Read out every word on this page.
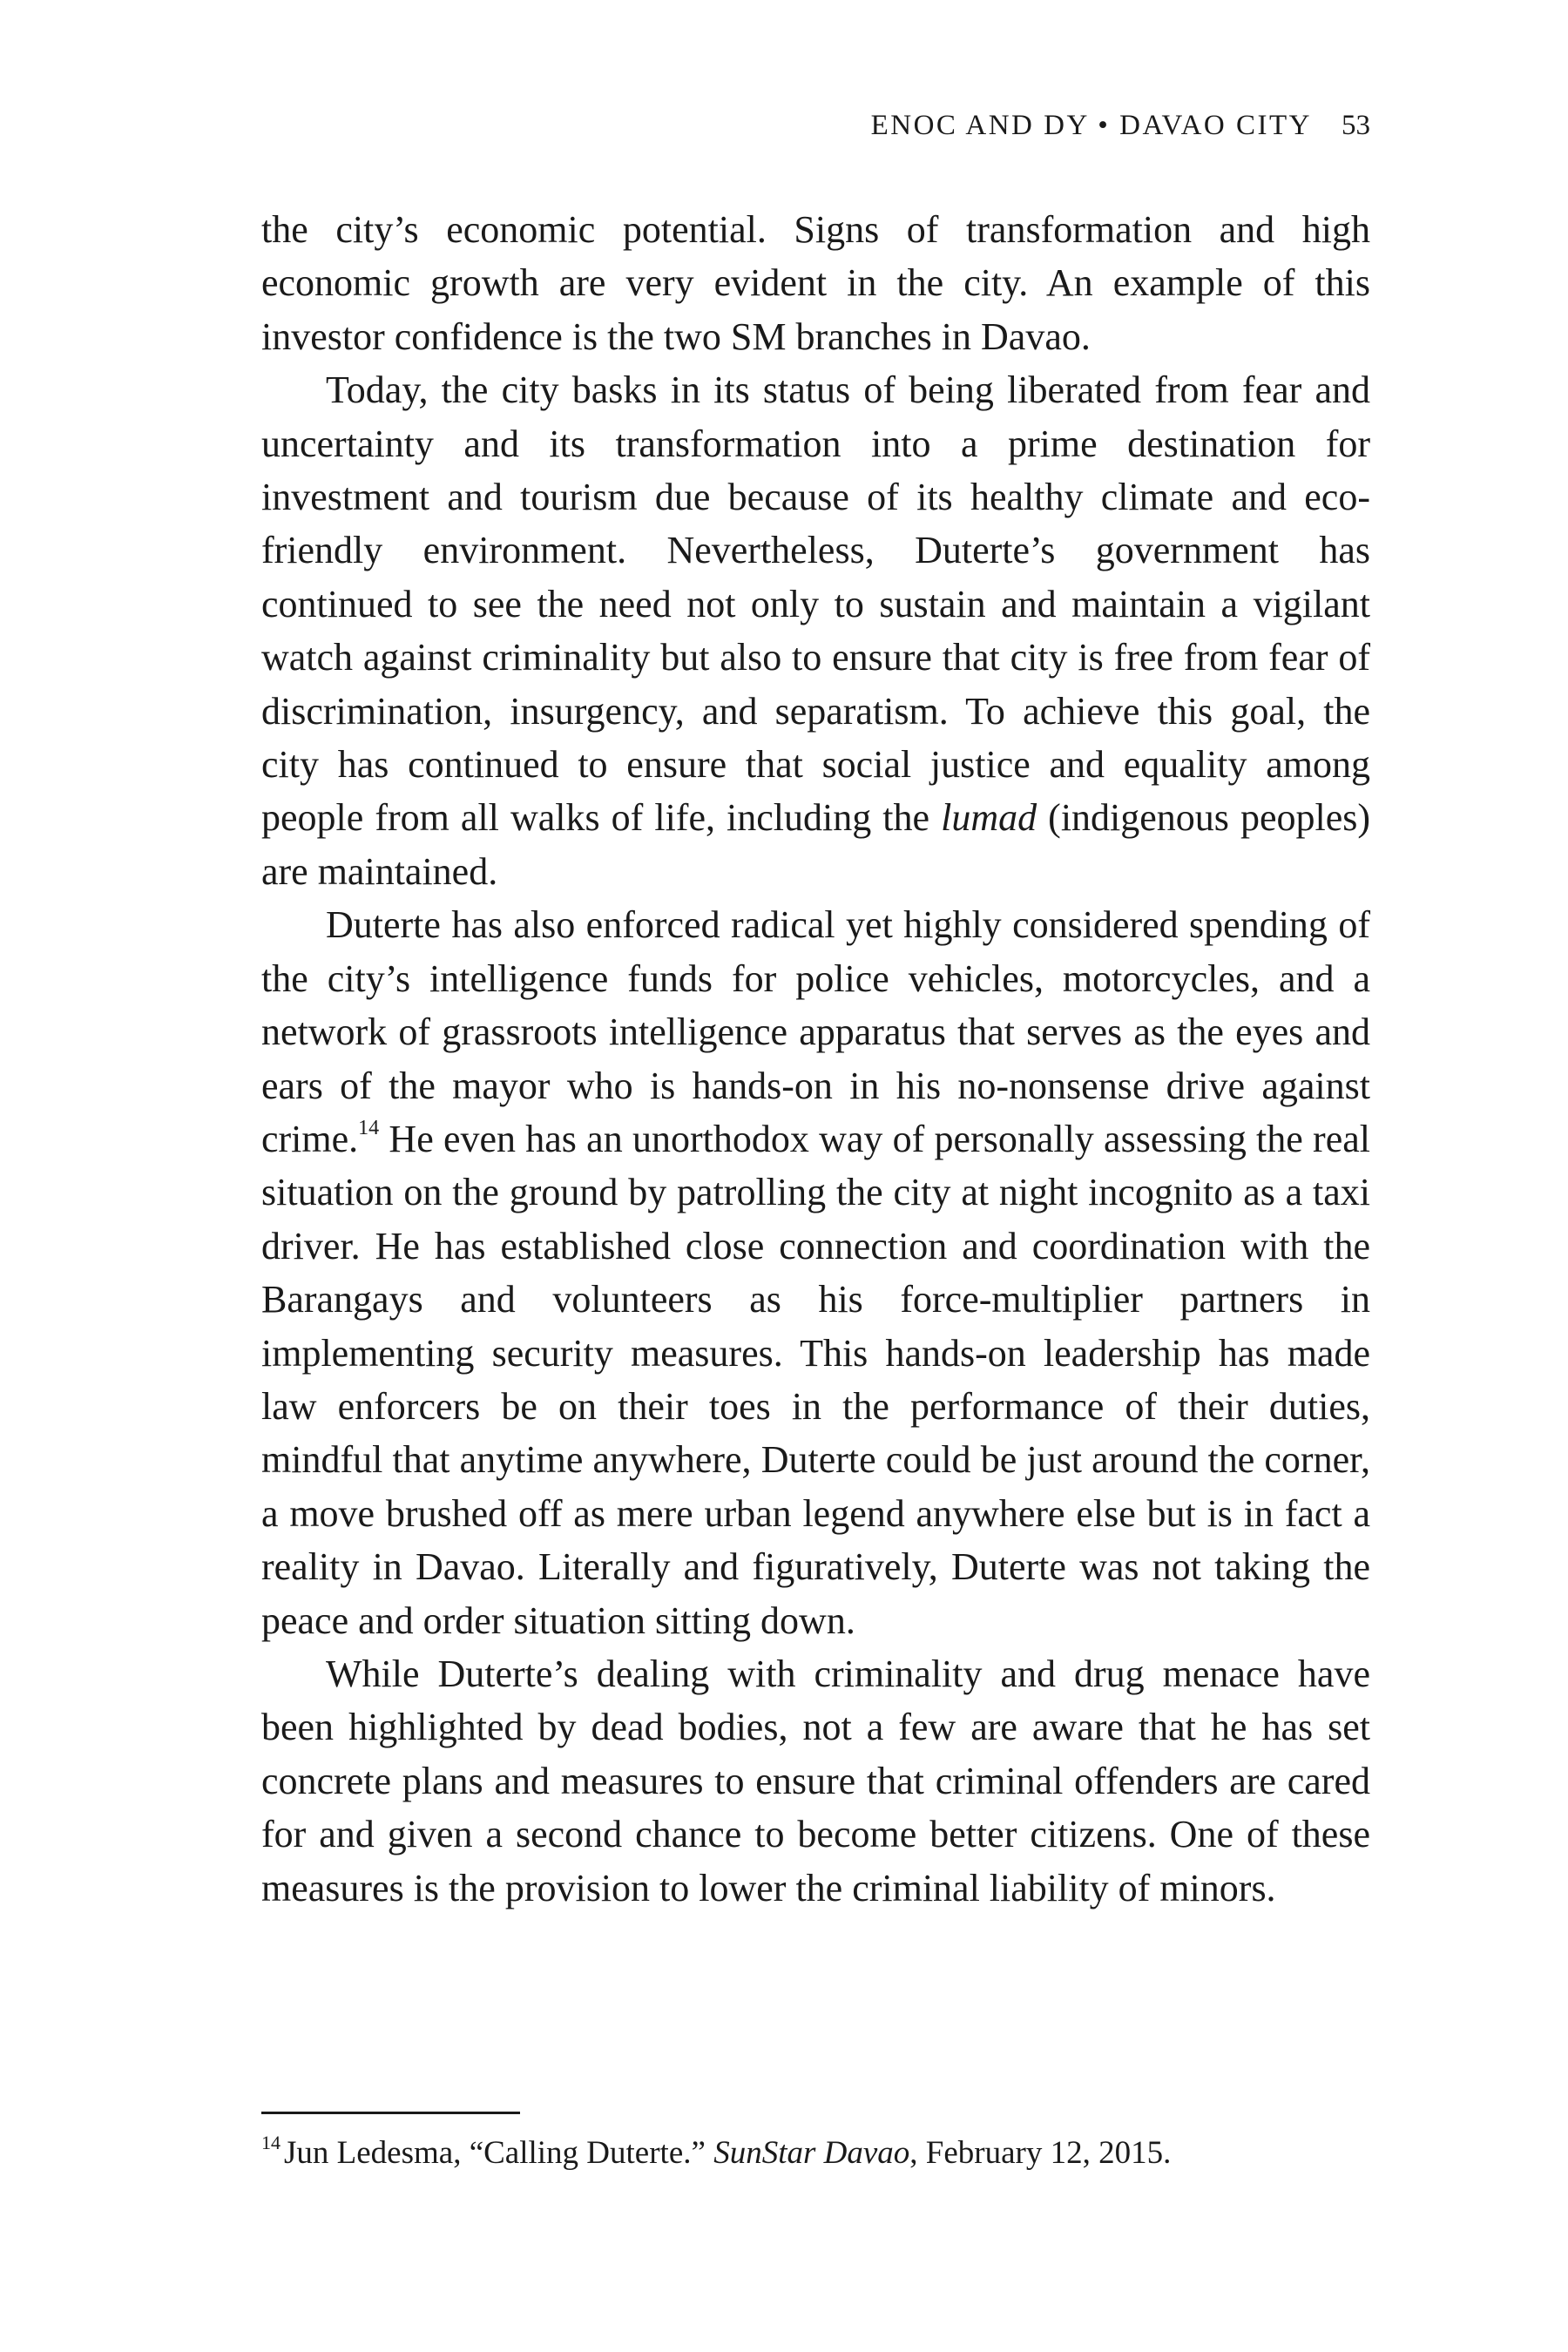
ENOC AND DY • DAVAO CITY 53

the city’s economic potential. Signs of transformation and high economic growth are very evident in the city. An example of this investor confidence is the two SM branches in Davao.

Today, the city basks in its status of being liberated from fear and uncertainty and its transformation into a prime destination for investment and tourism due because of its healthy climate and eco-friendly environment. Nevertheless, Duterte’s government has continued to see the need not only to sustain and maintain a vigilant watch against criminality but also to ensure that city is free from fear of discrimination, insurgency, and separatism. To achieve this goal, the city has continued to ensure that social justice and equality among people from all walks of life, including the lumad (indigenous peoples) are maintained.

Duterte has also enforced radical yet highly considered spending of the city’s intelligence funds for police vehicles, motorcycles, and a network of grassroots intelligence apparatus that serves as the eyes and ears of the mayor who is hands-on in his no-nonsense drive against crime.$^{14}$ He even has an unorthodox way of personally assessing the real situation on the ground by patrolling the city at night incognito as a taxi driver. He has established close connection and coordination with the Barangays and volunteers as his force-multiplier partners in implementing security measures. This hands-on leadership has made law enforcers be on their toes in the performance of their duties, mindful that anytime anywhere, Duterte could be just around the corner, a move brushed off as mere urban legend anywhere else but is in fact a reality in Davao. Literally and figuratively, Duterte was not taking the peace and order situation sitting down.

While Duterte’s dealing with criminality and drug menace have been highlighted by dead bodies, not a few are aware that he has set concrete plans and measures to ensure that criminal offenders are cared for and given a second chance to become better citizens. One of these measures is the provision to lower the criminal liability of minors.

$^{14}$ Jun Ledesma, “Calling Duterte.” SunStar Davao, February 12, 2015.
